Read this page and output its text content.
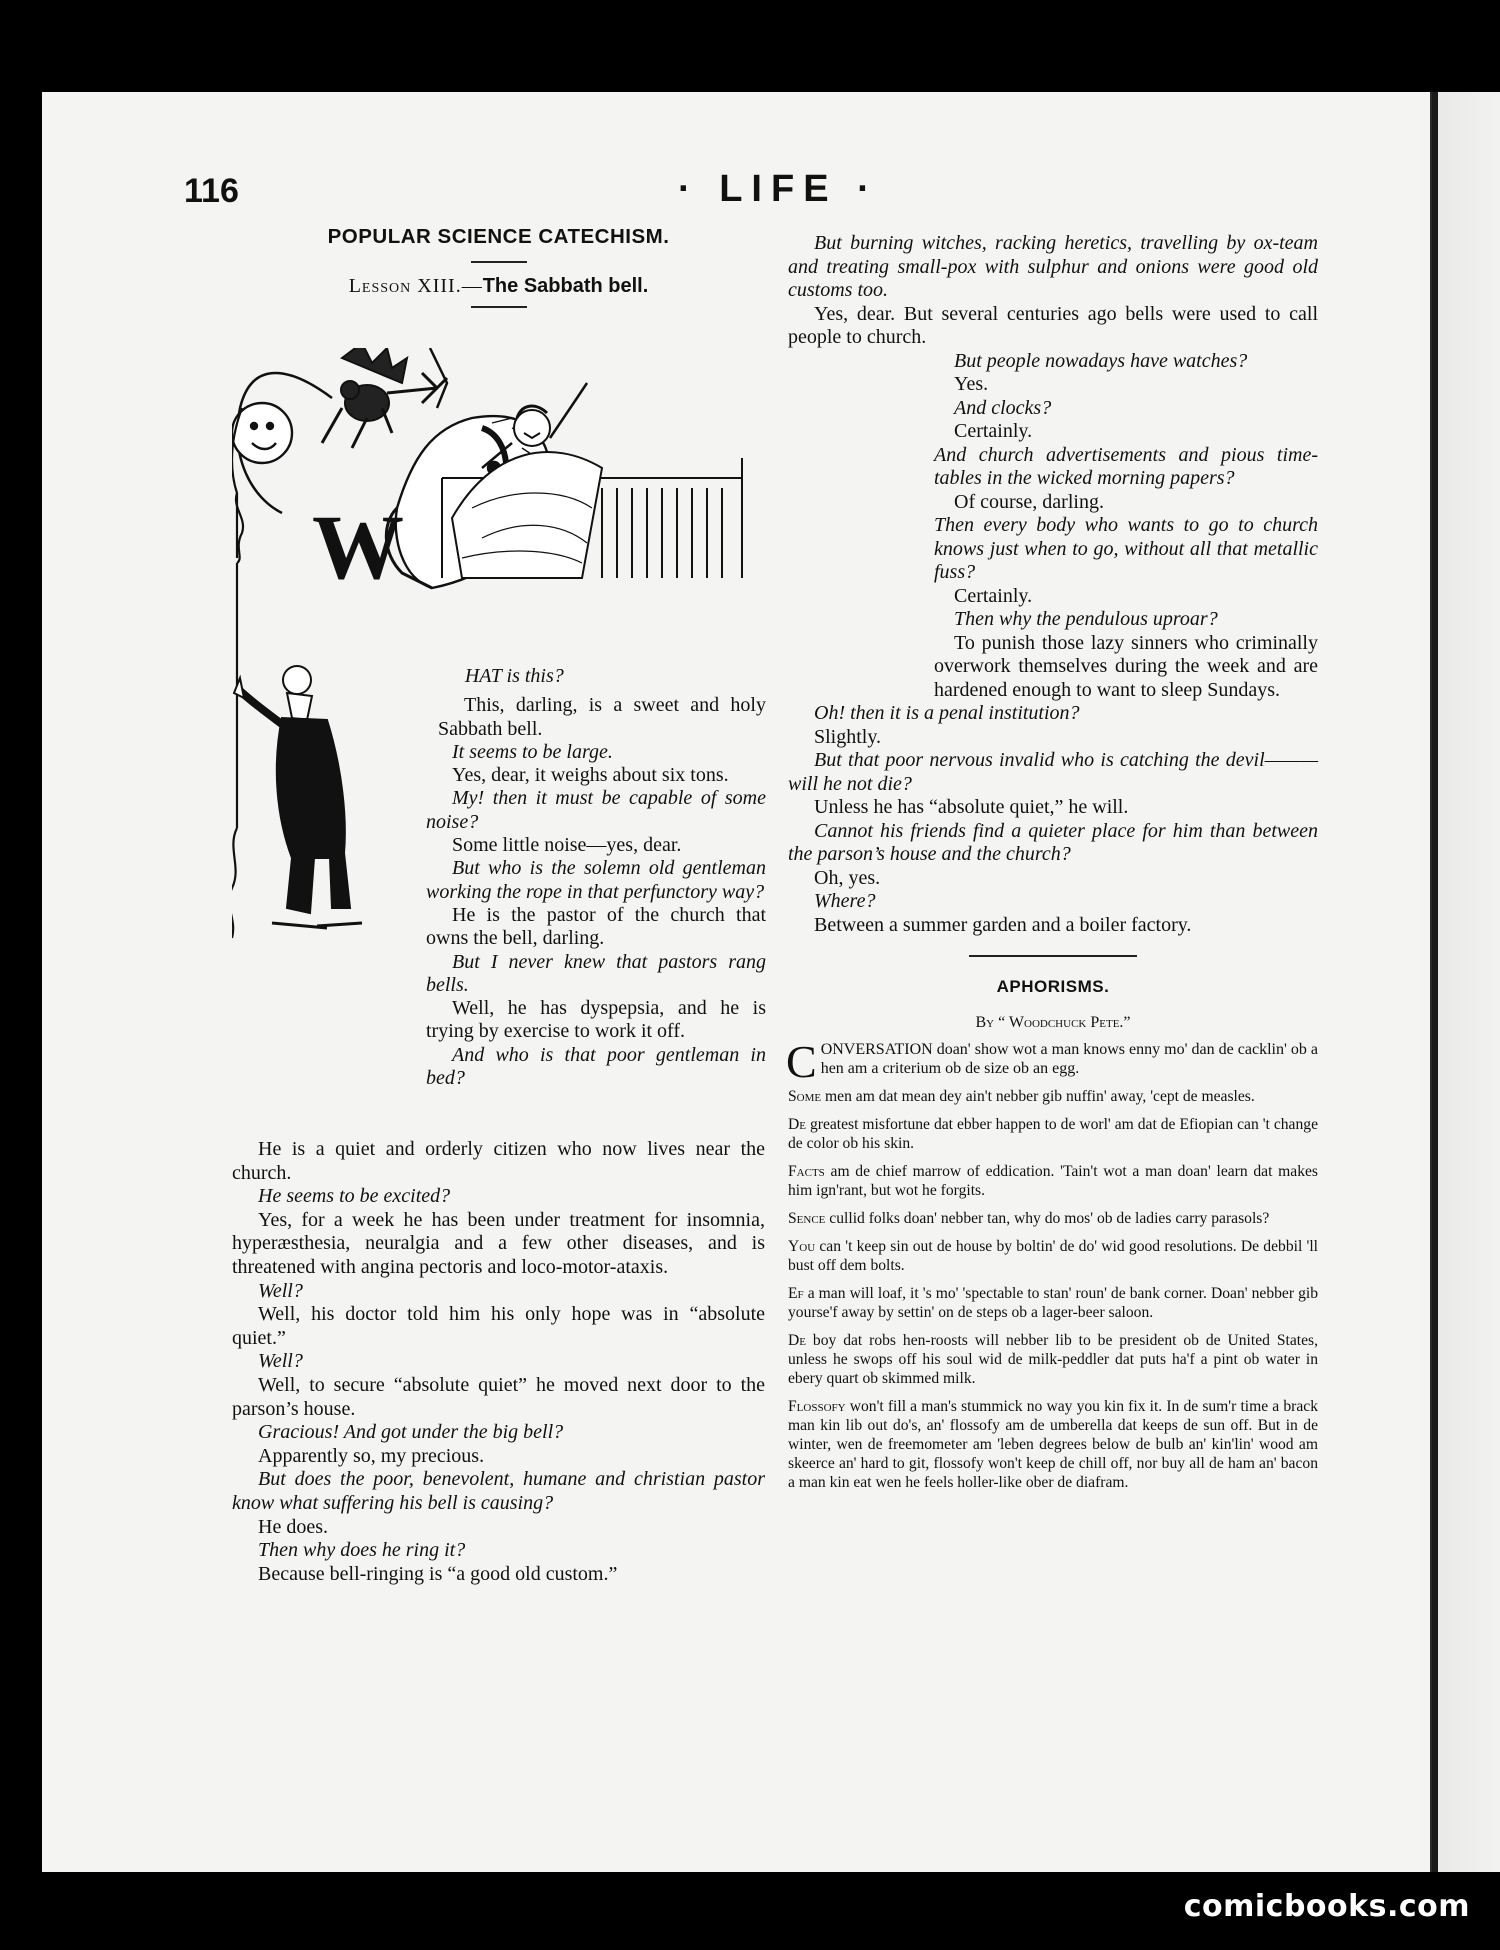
116	· LIFE ·
POPULAR SCIENCE CATECHISM.
Lesson XIII.—The Sabbath bell.
W

HAT is this?

This, darling, is a sweet and holy Sabbath bell.

It seems to be large.

Yes, dear, it weighs about six tons.

My! then it must be capable of some noise?

Some little noise—yes, dear.

But who is the solemn old gentleman working the rope in that perfunctory way?

He is the pastor of the church that owns the bell, darling.

But I never knew that pastors rang bells.

Well, he has dyspepsia, and he is trying by exercise to work it off.

And who is that poor gentleman in bed?

He is a quiet and orderly citizen who now lives near the church.

He seems to be excited?

Yes, for a week he has been under treatment for insomnia, hyperæsthesia, neuralgia and a few other diseases, and is threatened with angina pectoris and loco-motor-ataxis.

Well?

Well, his doctor told him his only hope was in “absolute quiet.”

Well?

Well, to secure “absolute quiet” he moved next door to the parson’s house.

Gracious! And got under the big bell?

Apparently so, my precious.

But does the poor, benevolent, humane and christian pastor know what suffering his bell is causing?

He does.

Then why does he ring it?

Because bell-ringing is “a good old custom.”

But burning witches, racking heretics, travelling by ox-team and treating small-pox with sulphur and onions were good old customs too.

Yes, dear. But several centuries ago bells were used to call people to church.

But people nowadays have watches?

Yes.

And clocks?

Certainly.

And church advertisements and pious time-tables in the wicked morning papers?

Of course, darling.

Then every body who wants to go to church knows just when to go, without all that metallic fuss?

Certainly.

Then why the pendulous uproar?

To punish those lazy sinners who criminally overwork themselves during the week and are hardened enough to want to sleep Sundays.

Oh! then it is a penal institution?

Slightly.

But that poor nervous invalid who is catching the devil———will he not die?

Unless he has “absolute quiet,” he will.

Cannot his friends find a quieter place for him than between the parson’s house and the church?

Oh, yes.

Where?

Between a summer garden and a boiler factory.

APHORISMS.

By “ Woodchuck Pete.”

CONVERSATION doan' show wot a man knows enny mo' dan de cacklin' ob a hen am a criterium ob de size ob an egg.

Some men am dat mean dey ain't nebber gib nuffin' away, 'cept de measles.

De greatest misfortune dat ebber happen to de worl' am dat de Efiopian can 't change de color ob his skin.

Facts am de chief marrow of eddication. 'Tain't wot a man doan' learn dat makes him ign'rant, but wot he forgits.

Sence cullid folks doan' nebber tan, why do mos' ob de ladies carry parasols?

You can 't keep sin out de house by boltin' de do' wid good resolutions. De debbil 'll bust off dem bolts.

Ef a man will loaf, it 's mo' 'spectable to stan' roun' de bank corner. Doan' nebber gib yourse'f away by settin' on de steps ob a lager-beer saloon.

De boy dat robs hen-roosts will nebber lib to be president ob de United States, unless he swops off his soul wid de milk-peddler dat puts ha'f a pint ob water in ebery quart ob skimmed milk.

Flossofy won't fill a man's stummick no way you kin fix it. In de sum'r time a brack man kin lib out do's, an' flossofy am de umberella dat keeps de sun off. But in de winter, wen de freemometer am 'leben degrees below de bulb an' kin'lin' wood am skeerce an' hard to git, flossofy won't keep de chill off, nor buy all de ham an' bacon a man kin eat wen he feels holler-like ober de diafram.

comicbooks.com
